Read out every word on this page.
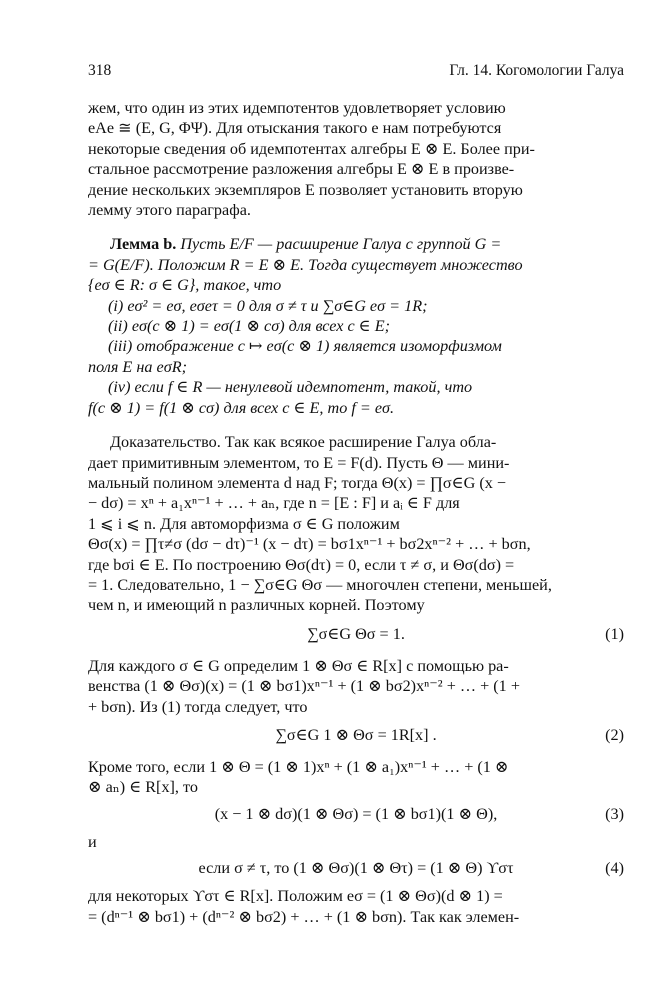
318	Гл. 14. Когомологии Галуа

жем, что один из этих идемпотентов удовлетворяет условию

eAe ≅ (E, G, ΦΨ). Для отыскания такого e нам потребуются

некоторые сведения об идемпотентах алгебры E ⊗ E. Более при-

стальное рассмотрение разложения алгебры E ⊗ E в произве-

дение нескольких экземпляров E позволяет установить вторую

лемму этого параграфа.

Лемма b. Пусть E/F — расширение Галуа с группой G =

= G(E/F). Положим R = E ⊗ E. Тогда существует множество

{eσ ∈ R: σ ∈ G}, такое, что

(i) eσ² = eσ, eσeτ = 0 для σ ≠ τ и ∑σ∈G eσ = 1R;

(ii) eσ(c ⊗ 1) = eσ(1 ⊗ cσ) для всех c ∈ E;

(iii) отображение c ↦ eσ(c ⊗ 1) является изоморфизмом

поля E на eσR;

(iv) если f ∈ R — ненулевой идемпотент, такой, что

f(c ⊗ 1) = f(1 ⊗ cσ) для всех c ∈ E, то f = eσ.

Доказательство. Так как всякое расширение Галуа обла-

дает примитивным элементом, то E = F(d). Пусть Θ — мини-

мальный полином элемента d над F; тогда Θ(x) = ∏σ∈G (x −

− dσ) = xⁿ + a₁xⁿ⁻¹ + … + aₙ, где n = [E : F] и aᵢ ∈ F для

1 ⩽ i ⩽ n. Для автоморфизма σ ∈ G положим

Θσ(x) = ∏τ≠σ (dσ − dτ)⁻¹ (x − dτ) = bσ1xⁿ⁻¹ + bσ2xⁿ⁻² + … + bσn,

где bσi ∈ E. По построению Θσ(dτ) = 0, если τ ≠ σ, и Θσ(dσ) =

= 1. Следовательно, 1 − ∑σ∈G Θσ — многочлен степени, меньшей,

чем n, и имеющий n различных корней. Поэтому

∑σ∈G Θσ = 1.	(1)

Для каждого σ ∈ G определим 1 ⊗ Θσ ∈ R[x] с помощью ра-

венства (1 ⊗ Θσ)(x) = (1 ⊗ bσ1)xⁿ⁻¹ + (1 ⊗ bσ2)xⁿ⁻² + … + (1 +

+ bσn). Из (1) тогда следует, что

∑σ∈G 1 ⊗ Θσ = 1R[x] .	(2)

Кроме того, если 1 ⊗ Θ = (1 ⊗ 1)xⁿ + (1 ⊗ a₁)xⁿ⁻¹ + … + (1 ⊗

⊗ aₙ) ∈ R[x], то

(x − 1 ⊗ dσ)(1 ⊗ Θσ) = (1 ⊗ bσ1)(1 ⊗ Θ),	(3)

и

если σ ≠ τ, то (1 ⊗ Θσ)(1 ⊗ Θτ) = (1 ⊗ Θ) ϒστ	(4)

для некоторых ϒστ ∈ R[x]. Положим eσ = (1 ⊗ Θσ)(d ⊗ 1) =

= (dⁿ⁻¹ ⊗ bσ1) + (dⁿ⁻² ⊗ bσ2) + … + (1 ⊗ bσn). Так как элемен-
